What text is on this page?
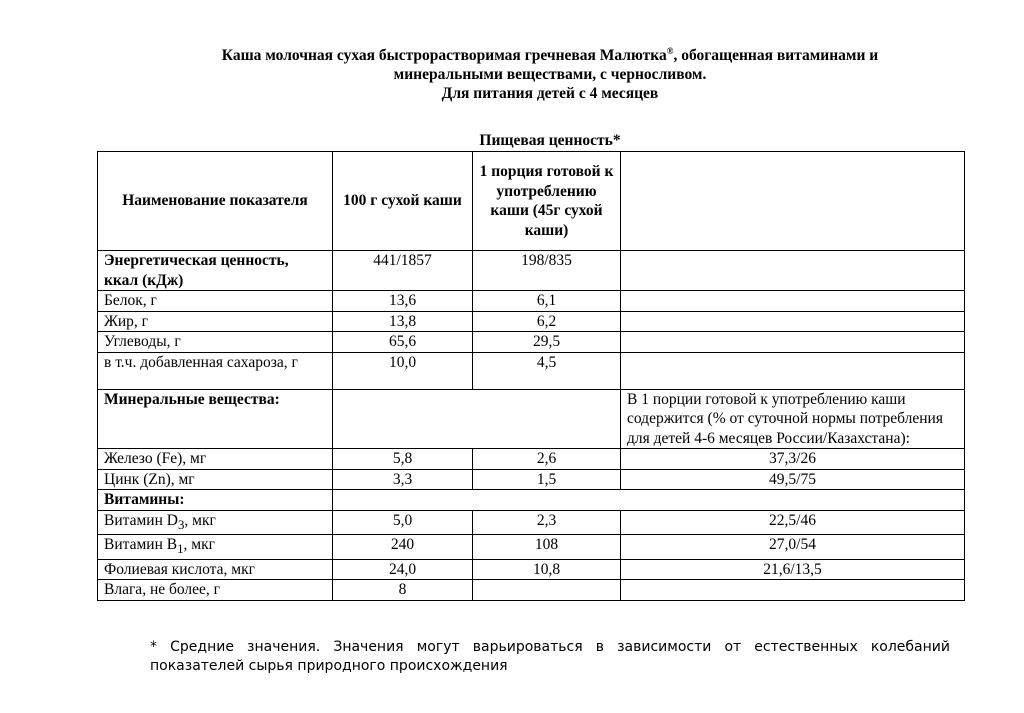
Каша молочная сухая быстрорастворимая гречневая Малютка®, обогащенная витаминами и
минеральными веществами, с черносливом.
Для питания детей с 4 месяцев
Пищевая ценность*
Наименование показателя	100 г сухой каши	1 порция готовой к употреблению каши (45г сухой каши)	
Энергетическая ценность, ккал (кДж)	441/1857	198/835	
Белок, г	13,6	6,1	
Жир, г	13,8	6,2	
Углеводы, г	65,6	29,5	
в т.ч. добавленная сахароза, г	10,0	4,5	
Минеральные вещества:			В 1 порции готовой к употреблению каши содержится (% от суточной нормы потребления для детей 4-6 месяцев России/Казахстана):
Железо (Fe), мг	5,8	2,6	37,3/26
Цинк (Zn), мг	3,3	1,5	49,5/75
Витамины:			
Витамин $D_3$, мкг	5,0	2,3	22,5/46
Витамин $B_1$, мкг	240	108	27,0/54
Фолиевая кислота, мкг	24,0	10,8	21,6/13,5
Влага, не более, г	8		
* Средние значения. Значения могут варьироваться в зависимости от естественных колебаний показателей сырья природного происхождения
